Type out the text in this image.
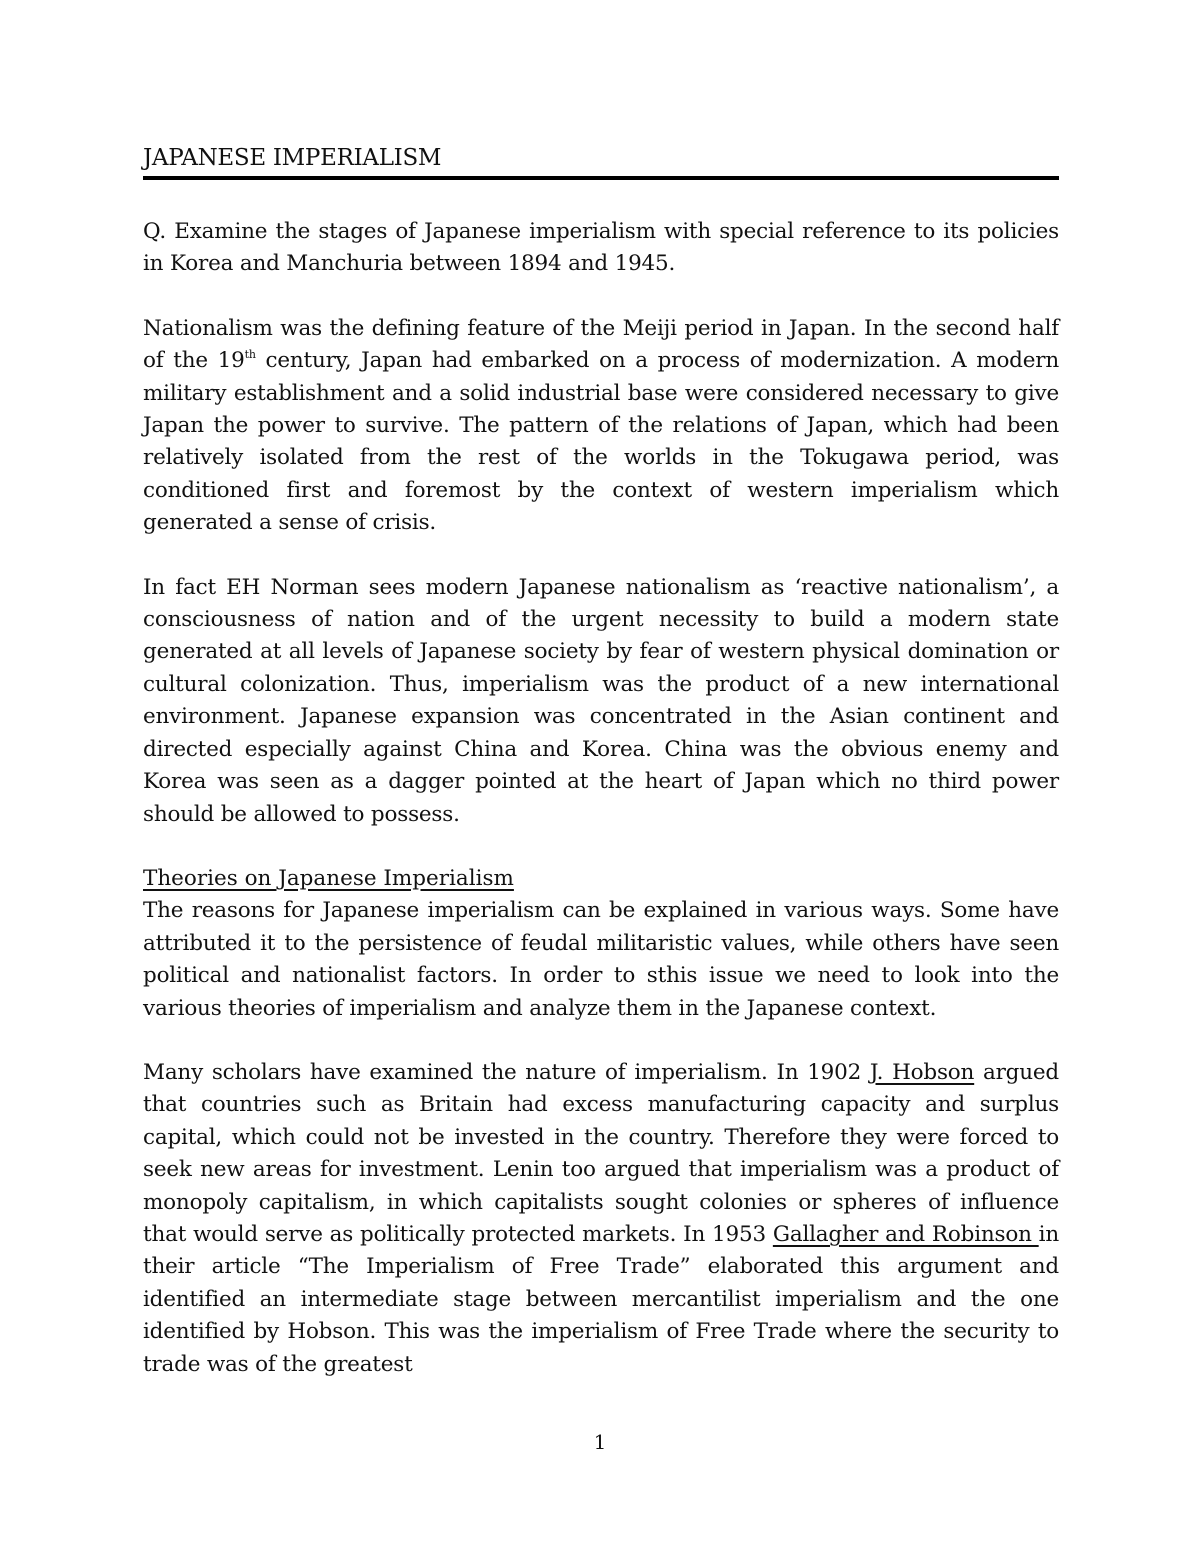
JAPANESE IMPERIALISM

Q. Examine the stages of Japanese imperialism with special reference to its policies in Korea and Manchuria between 1894 and 1945.

Nationalism was the defining feature of the Meiji period in Japan. In the second half of the 19th century, Japan had embarked on a process of modernization. A modern military establishment and a solid industrial base were considered necessary to give Japan the power to survive. The pattern of the relations of Japan, which had been relatively isolated from the rest of the worlds in the Tokugawa period, was conditioned first and foremost by the context of western imperialism which generated a sense of crisis.

In fact EH Norman sees modern Japanese nationalism as ‘reactive nationalism’, a consciousness of nation and of the urgent necessity to build a modern state generated at all levels of Japanese society by fear of western physical domination or cultural colonization. Thus, imperialism was the product of a new international environment. Japanese expansion was concentrated in the Asian continent and directed especially against China and Korea. China was the obvious enemy and Korea was seen as a dagger pointed at the heart of Japan which no third power should be allowed to possess.

Theories on Japanese Imperialism

The reasons for Japanese imperialism can be explained in various ways. Some have attributed it to the persistence of feudal militaristic values, while others have seen political and nationalist factors. In order to sthis issue we need to look into the various theories of imperialism and analyze them in the Japanese context.

Many scholars have examined the nature of imperialism. In 1902 J. Hobson argued that countries such as Britain had excess manufacturing capacity and surplus capital, which could not be invested in the country. Therefore they were forced to seek new areas for investment. Lenin too argued that imperialism was a product of monopoly capitalism, in which capitalists sought colonies or spheres of influence that would serve as politically protected markets. In 1953 Gallagher and Robinson in their article “The Imperialism of Free Trade” elaborated this argument and identified an intermediate stage between mercantilist imperialism and the one identified by Hobson. This was the imperialism of Free Trade where the security to trade was of the greatest

1
